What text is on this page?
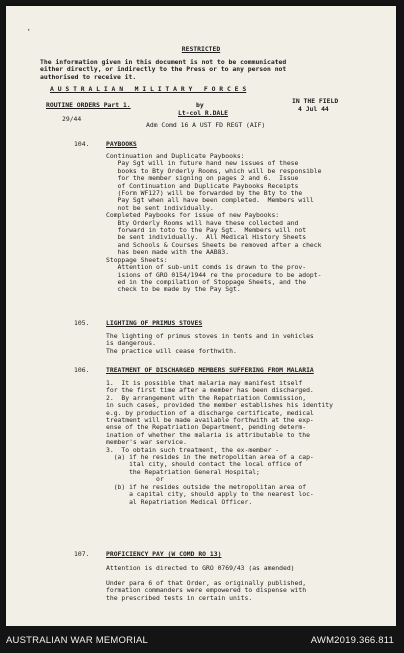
·
RESTRICTED
The information given in this document is not to be communicated
either directly, or indirectly to the Press or to any person not
authorised to receive it.
A U S T R A L I A N   M I L I T A R Y   F O R C E S
ROUTINE ORDERS Part 1.	by
Lt-col R.DALE
IN THE FIELD
4 Jul 44
29/44
Adm Comd 16 A UST FD REGT (AIF)
104.	PAYBOOKS
Continuation and Duplicate Paybooks:
Pay Sgt will in future hand new issues of these
books to Bty Orderly Rooms, which will be responsible
for the member signing on pages 2 and 6.  Issue
of Continuation and Duplicate Paybooks Receipts
(Form WF127) will be forwarded by the Bty to the
Pay Sgt when all have been completed.  Members will
not be sent individually.
Completed Paybooks for issue of new Paybooks:
Bty Orderly Rooms will have these collected and
forward in toto to the Pay Sgt.  Members will not
be sent individually.  All Medical History Sheets
and Schools & Courses Sheets be removed after a check
has been made with the AAB83.
Stoppage Sheets:
Attention of sub-unit comds is drawn to the prov-
isions of GRO 0154/1944 re the procedure to be adopt-
ed in the compilation of Stoppage Sheets, and the
check to be made by the Pay Sgt.
105.	LIGHTING OF PRIMUS STOVES
The lighting of primus stoves in tents and in vehicles
is dangerous.
The practice will cease forthwith.
106.	TREATMENT OF DISCHARGED MEMBERS SUFFERING FROM MALARIA
1.  It is possible that malaria may manifest itself
for the first time after a member has been discharged.
2.  By arrangement with the Repatriation Commission,
in such cases, provided the member establishes his identity
e.g. by production of a discharge certificate, medical
treatment will be made available forthwith at the exp-
ense of the Repatriation Department, pending determ-
ination of whether the malaria is attributable to the
member's war service.
3.  To obtain such treatment, the ex-member -
(a) if he resides in the metropolitan area of a cap-
ital city, should contact the local office of
the Repatriation General Hospital;
or
(b) if he resides outside the metropolitan area of
a capital city, should apply to the nearest loc-
al Repatriation Medical Officer.
107.	PROFICIENCY PAY (W COMD RO 13)
Attention is directed to GRO 0769/43 (as amended)

Under para 6 of that Order, as originally published,
formation commanders were empowered to dispense with
the prescribed tests in certain units.
AUSTRALIAN WAR MEMORIAL	AWM2019.366.811
